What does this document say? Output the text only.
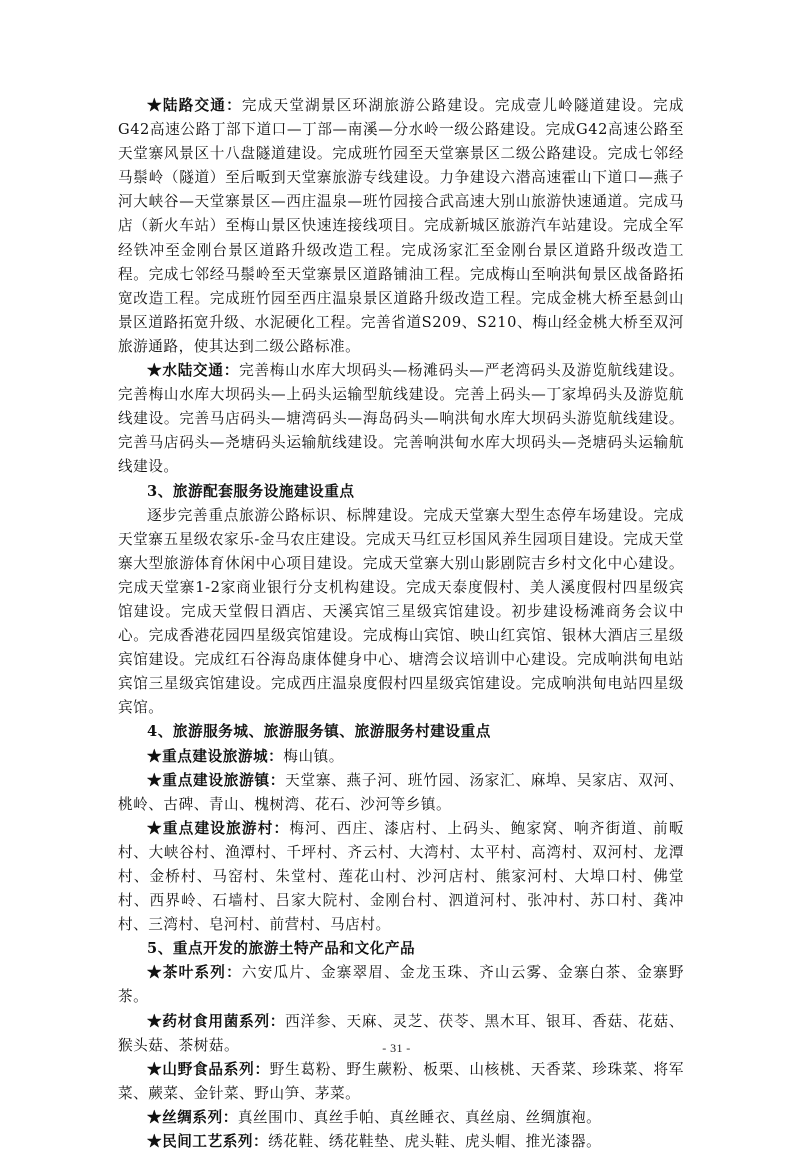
★陆路交通：完成天堂湖景区环湖旅游公路建设。完成壹儿岭隧道建设。完成G42高速公路丁部下道口—丁部—南溪—分水岭一级公路建设。完成G42高速公路至天堂寨风景区十八盘隧道建设。完成班竹园至天堂寨景区二级公路建设。完成七邻经马鬃岭（隧道）至后畈到天堂寨旅游专线建设。力争建设六潜高速霍山下道口—燕子河大峡谷—天堂寨景区—西庄温泉—班竹园接合武高速大别山旅游快速通道。完成马店（新火车站）至梅山景区快速连接线项目。完成新城区旅游汽车站建设。完成全军经铁冲至金刚台景区道路升级改造工程。完成汤家汇至金刚台景区道路升级改造工程。完成七邻经马鬃岭至天堂寨景区道路铺油工程。完成梅山至响洪甸景区战备路拓宽改造工程。完成班竹园至西庄温泉景区道路升级改造工程。完成金桃大桥至悬剑山景区道路拓宽升级、水泥硬化工程。完善省道S209、S210、梅山经金桃大桥至双河旅游通路，使其达到二级公路标准。

★水陆交通：完善梅山水库大坝码头—杨滩码头—严老湾码头及游览航线建设。完善梅山水库大坝码头—上码头运输型航线建设。完善上码头—丁家埠码头及游览航线建设。完善马店码头—塘湾码头—海岛码头—响洪甸水库大坝码头游览航线建设。完善马店码头—尧塘码头运输航线建设。完善响洪甸水库大坝码头—尧塘码头运输航线建设。

3、旅游配套服务设施建设重点

逐步完善重点旅游公路标识、标牌建设。完成天堂寨大型生态停车场建设。完成天堂寨五星级农家乐-金马农庄建设。完成天马红豆杉国风养生园项目建设。完成天堂寨大型旅游体育休闲中心项目建设。完成天堂寨大别山影剧院吉乡村文化中心建设。完成天堂寨1-2家商业银行分支机构建设。完成天泰度假村、美人溪度假村四星级宾馆建设。完成天堂假日酒店、天溪宾馆三星级宾馆建设。初步建设杨滩商务会议中心。完成香港花园四星级宾馆建设。完成梅山宾馆、映山红宾馆、银林大酒店三星级宾馆建设。完成红石谷海岛康体健身中心、塘湾会议培训中心建设。完成响洪甸电站宾馆三星级宾馆建设。完成西庄温泉度假村四星级宾馆建设。完成响洪甸电站四星级宾馆。

4、旅游服务城、旅游服务镇、旅游服务村建设重点

★重点建设旅游城：梅山镇。

★重点建设旅游镇：天堂寨、燕子河、班竹园、汤家汇、麻埠、吴家店、双河、桃岭、古碑、青山、槐树湾、花石、沙河等乡镇。

★重点建设旅游村：梅河、西庄、漆店村、上码头、鲍家窝、响齐街道、前畈村、大峡谷村、渔潭村、千坪村、齐云村、大湾村、太平村、高湾村、双河村、龙潭村、金桥村、马窑村、朱堂村、莲花山村、沙河店村、熊家河村、大埠口村、佛堂村、西界岭、石墙村、吕家大院村、金刚台村、泗道河村、张冲村、苏口村、龚冲村、三湾村、皂河村、前营村、马店村。

5、重点开发的旅游土特产品和文化产品

★茶叶系列：六安瓜片、金寨翠眉、金龙玉珠、齐山云雾、金寨白茶、金寨野茶。

★药材食用菌系列：西洋参、天麻、灵芝、茯苓、黑木耳、银耳、香菇、花菇、猴头菇、茶树菇。

★山野食品系列：野生葛粉、野生蕨粉、板栗、山核桃、天香菜、珍珠菜、将军菜、蕨菜、金针菜、野山笋、茅菜。

★丝绸系列：真丝围巾、真丝手帕、真丝睡衣、真丝扇、丝绸旗袍。

★民间工艺系列：绣花鞋、绣花鞋垫、虎头鞋、虎头帽、推光漆器。

- 31 -
